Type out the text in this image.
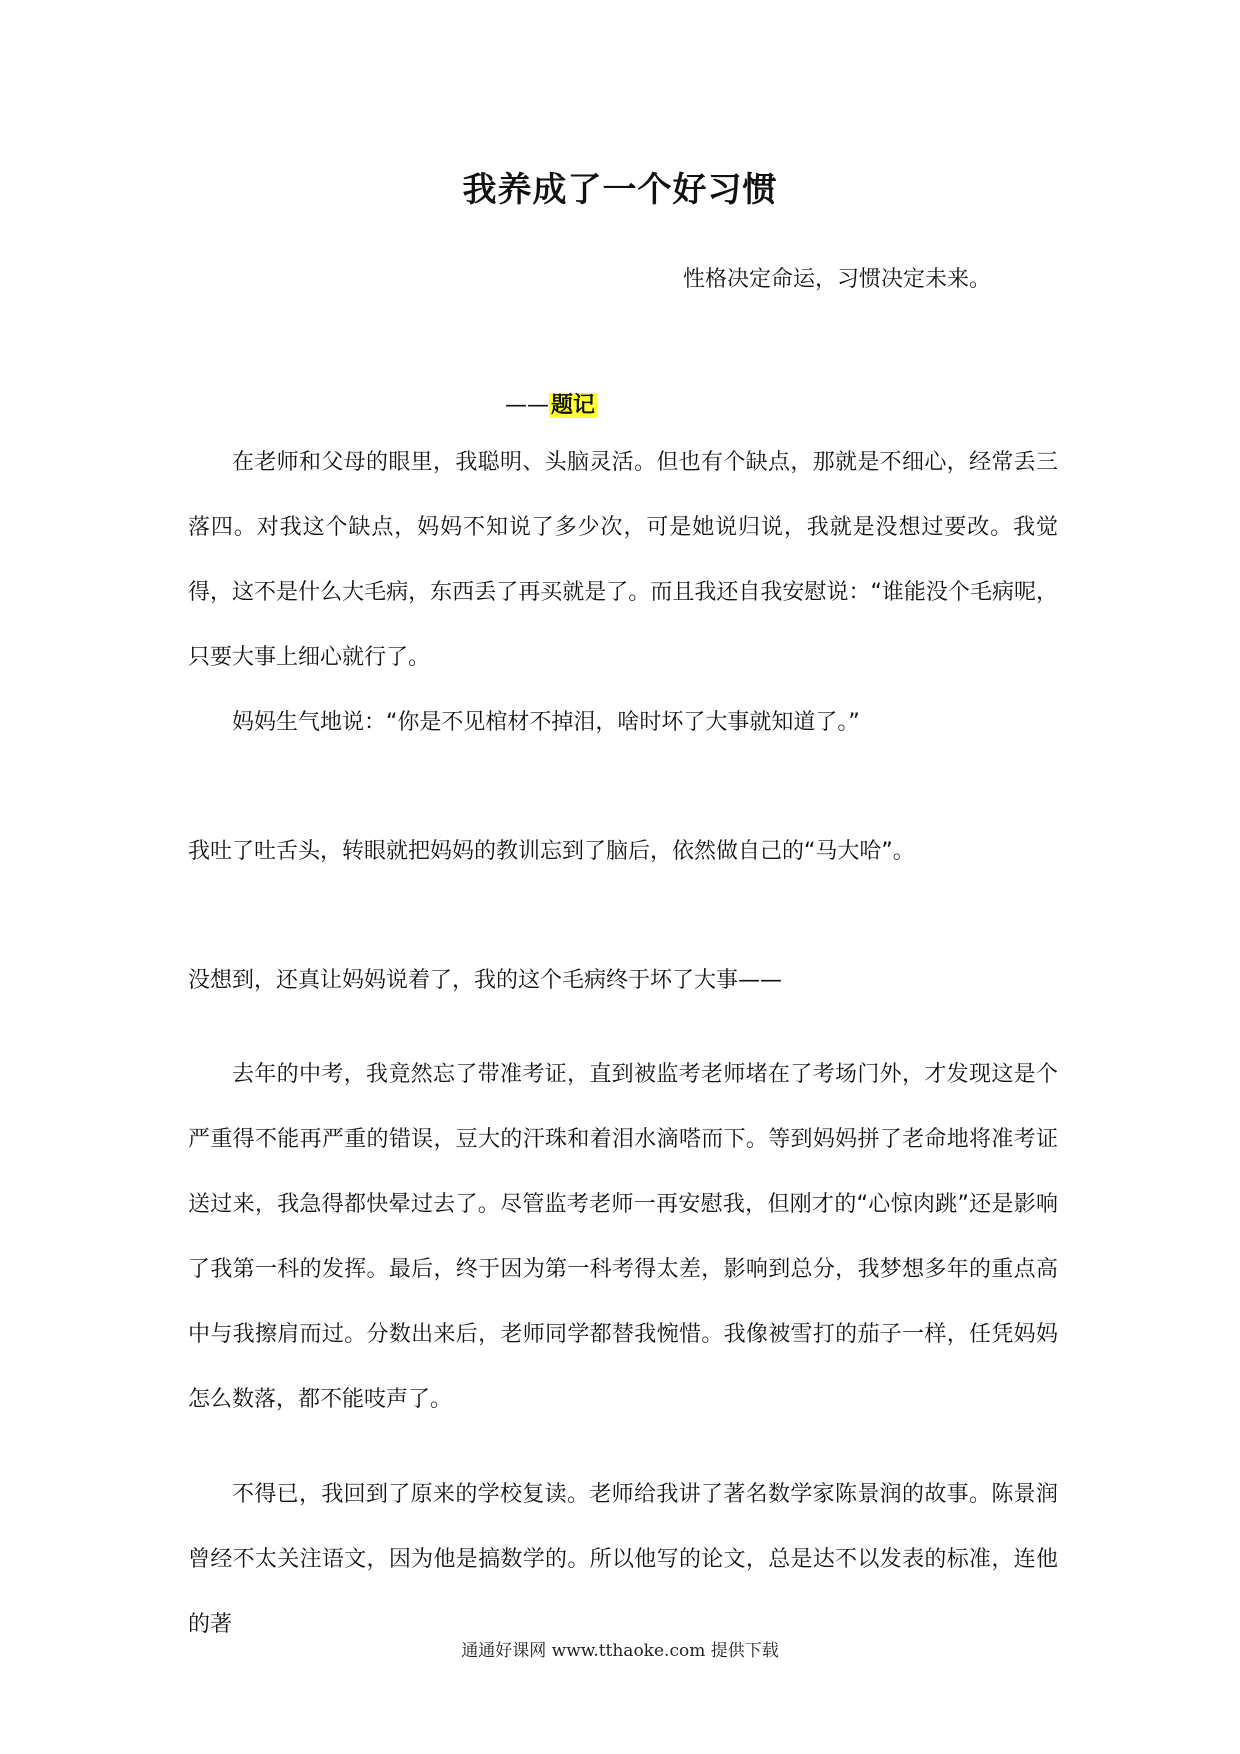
我养成了一个好习惯
性格决定命运，习惯决定未来。
——题记

在老师和父母的眼里，我聪明、头脑灵活。但也有个缺点，那就是不细心，经常丢三落四。对我这个缺点，妈妈不知说了多少次，可是她说归说，我就是没想过要改。我觉得，这不是什么大毛病，东西丢了再买就是了。而且我还自我安慰说：“谁能没个毛病呢，只要大事上细心就行了。

妈妈生气地说：“你是不见棺材不掉泪，啥时坏了大事就知道了。”

我吐了吐舌头，转眼就把妈妈的教训忘到了脑后，依然做自己的“马大哈”。

没想到，还真让妈妈说着了，我的这个毛病终于坏了大事——

去年的中考，我竟然忘了带准考证，直到被监考老师堵在了考场门外，才发现这是个严重得不能再严重的错误，豆大的汗珠和着泪水滴嗒而下。等到妈妈拼了老命地将准考证送过来，我急得都快晕过去了。尽管监考老师一再安慰我，但刚才的“心惊肉跳”还是影响了我第一科的发挥。最后，终于因为第一科考得太差，影响到总分，我梦想多年的重点高中与我擦肩而过。分数出来后，老师同学都替我惋惜。我像被雪打的茄子一样，任凭妈妈怎么数落，都不能吱声了。

不得已，我回到了原来的学校复读。老师给我讲了著名数学家陈景润的故事。陈景润曾经不太关注语文，因为他是搞数学的。所以他写的论文，总是达不以发表的标准，连他的著

通通好课网 www.tthaoke.com 提供下载
